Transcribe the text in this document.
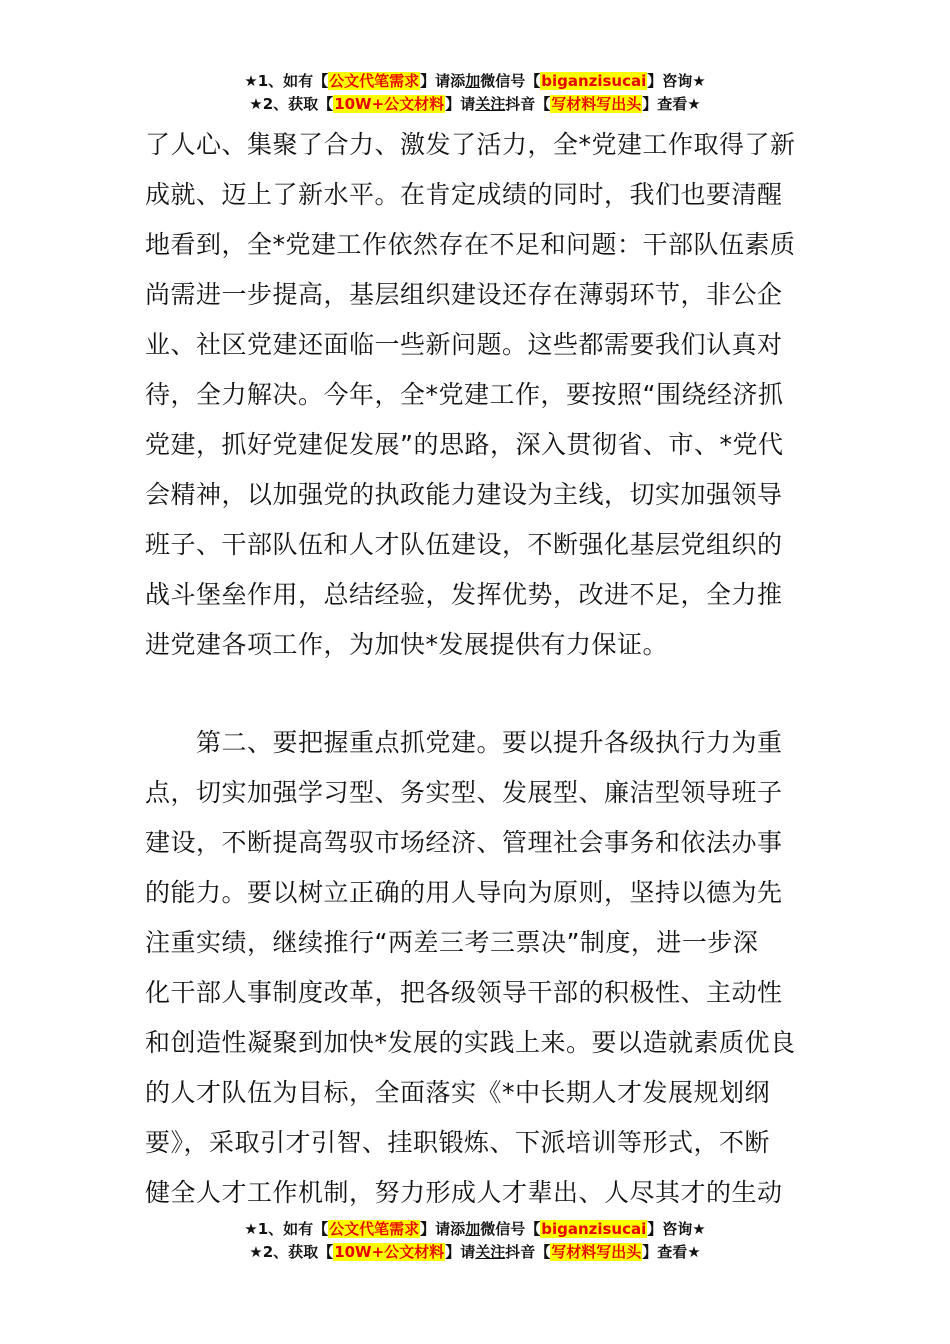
★1、如有【公文代笔需求】请添加微信号【biganzisucai】咨询★
★2、获取【10W+公文材料】请关注抖音【写材料写出头】查看★
了人心、集聚了合力、激发了活力，全*党建工作取得了新
成就、迈上了新水平。在肯定成绩的同时，我们也要清醒
地看到，全*党建工作依然存在不足和问题：干部队伍素质
尚需进一步提高，基层组织建设还存在薄弱环节，非公企
业、社区党建还面临一些新问题。这些都需要我们认真对
待，全力解决。今年，全*党建工作，要按照“围绕经济抓
党建，抓好党建促发展”的思路，深入贯彻省、市、*党代
会精神，以加强党的执政能力建设为主线，切实加强领导
班子、干部队伍和人才队伍建设，不断强化基层党组织的
战斗堡垒作用，总结经验，发挥优势，改进不足，全力推
进党建各项工作，为加快*发展提供有力保证。
　　第二、要把握重点抓党建。要以提升各级执行力为重
点，切实加强学习型、务实型、发展型、廉洁型领导班子
建设，不断提高驾驭市场经济、管理社会事务和依法办事
的能力。要以树立正确的用人导向为原则，坚持以德为先
注重实绩，继续推行“两差三考三票决”制度，进一步深
化干部人事制度改革，把各级领导干部的积极性、主动性
和创造性凝聚到加快*发展的实践上来。要以造就素质优良
的人才队伍为目标，全面落实《*中长期人才发展规划纲
要》，采取引才引智、挂职锻炼、下派培训等形式，不断
健全人才工作机制，努力形成人才辈出、人尽其才的生动
★1、如有【公文代笔需求】请添加微信号【biganzisucai】咨询★
★2、获取【10W+公文材料】请关注抖音【写材料写出头】查看★
